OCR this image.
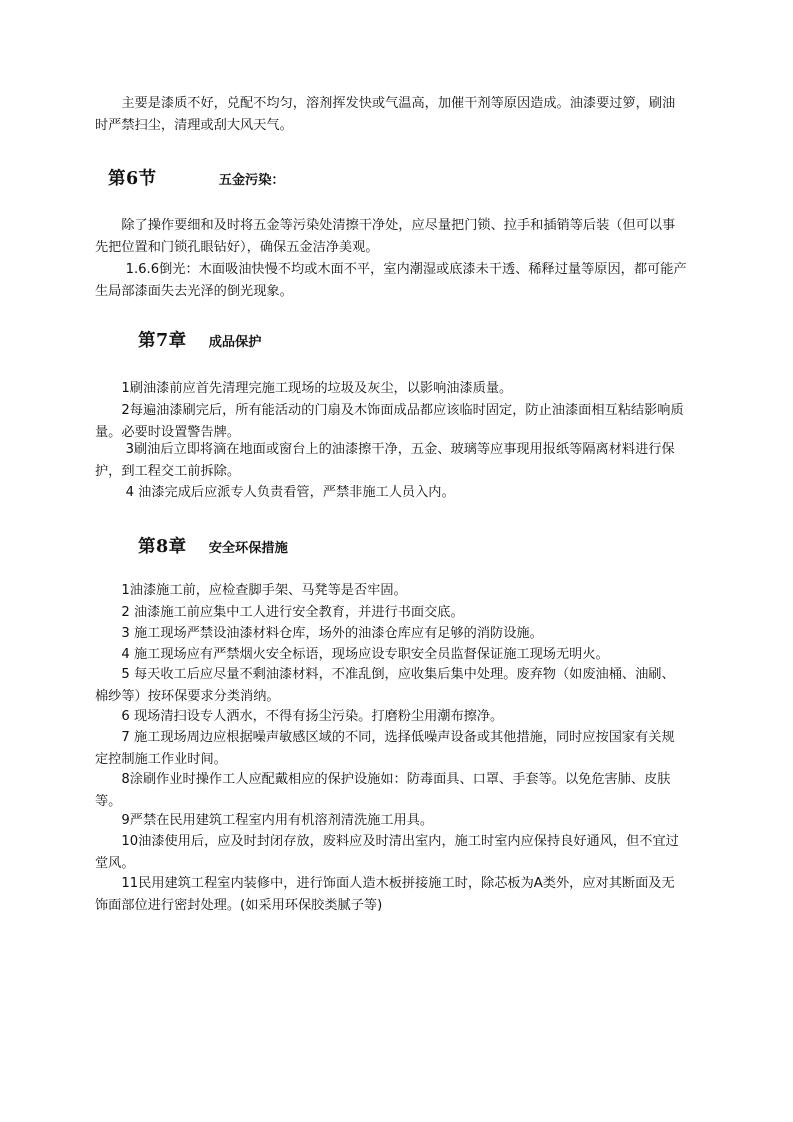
　　主要是漆质不好，兑配不均匀，溶剂挥发快或气温高，加催干剂等原因造成。油漆要过箩，刷油时严禁扫尘，清理或刮大风天气。

第6节	五金污染：

　　除了操作要细和及时将五金等污染处清擦干净处，应尽量把门锁、拉手和插销等后装（但可以事先把位置和门锁孔眼钻好），确保五金洁净美观。

　　 1.6.6倒光：木面吸油快慢不均或木面不平，室内潮湿或底漆未干透、稀释过量等原因，都可能产生局部漆面失去光泽的倒光现象。

第7章 成品保护

　　1刷油漆前应首先清理完施工现场的垃圾及灰尘，以影响油漆质量。

　　2每遍油漆刷完后，所有能活动的门扇及木饰面成品都应该临时固定，防止油漆面相互粘结影响质量。必要时设置警告牌。

　　 3刷油后立即将滴在地面或窗台上的油漆擦干净，五金、玻璃等应事现用报纸等隔离材料进行保护，到工程交工前拆除。

　　 4 油漆完成后应派专人负责看管，严禁非施工人员入内。

第8章 安全环保措施

　　1油漆施工前，应检查脚手架、马凳等是否牢固。

　　2 油漆施工前应集中工人进行安全教育，并进行书面交底。

　　3 施工现场严禁设油漆材料仓库，场外的油漆仓库应有足够的消防设施。

　　4 施工现场应有严禁烟火安全标语，现场应设专职安全员监督保证施工现场无明火。

　　5 每天收工后应尽量不剩油漆材料，不准乱倒，应收集后集中处理。废弃物（如废油桶、油刷、棉纱等）按环保要求分类消纳。

　　6 现场清扫设专人洒水，不得有扬尘污染。打磨粉尘用潮布擦净。

　　7 施工现场周边应根据噪声敏感区域的不同，选择低噪声设备或其他措施，同时应按国家有关规定控制施工作业时间。

　　8涂刷作业时操作工人应配戴相应的保护设施如：防毒面具、口罩、手套等。以免危害肺、皮肤等。

　　9严禁在民用建筑工程室内用有机溶剂清洗施工用具。

　　10油漆使用后，应及时封闭存放，废料应及时清出室内，施工时室内应保持良好通风，但不宜过堂风。

　　11民用建筑工程室内装修中，进行饰面人造木板拼接施工时，除芯板为A类外，应对其断面及无饰面部位进行密封处理。(如采用环保胶类腻子等)
